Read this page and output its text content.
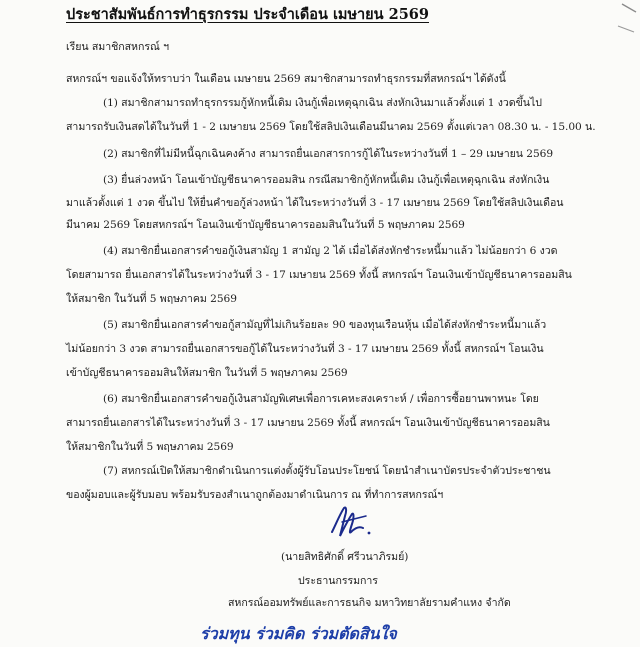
ประชาสัมพันธ์การทำธุรกรรม ประจำเดือน เมษายน 2569
เรียน สมาชิกสหกรณ์ ฯ
สหกรณ์ฯ ขอแจ้งให้ทราบว่า ในเดือน เมษายน 2569 สมาชิกสามารถทำธุรกรรมที่สหกรณ์ฯ ได้ดังนี้
(1) สมาชิกสามารถทำธุรกรรมกู้หักหนี้เดิม เงินกู้เพื่อเหตุฉุกเฉิน ส่งหักเงินมาแล้วตั้งแต่ 1 งวดขึ้นไป
สามารถรับเงินสดได้ในวันที่ 1 - 2 เมษายน 2569 โดยใช้สลิปเงินเดือนมีนาคม 2569 ตั้งแต่เวลา 08.30 น. - 15.00 น.
(2) สมาชิกที่ไม่มีหนี้ฉุกเฉินคงค้าง สามารถยื่นเอกสารการกู้ได้ในระหว่างวันที่ 1 – 29 เมษายน 2569
(3) ยื่นล่วงหน้า โอนเข้าบัญชีธนาคารออมสิน กรณีสมาชิกกู้หักหนี้เดิม เงินกู้เพื่อเหตุฉุกเฉิน ส่งหักเงิน
มาแล้วตั้งแต่ 1 งวด ขึ้นไป ให้ยื่นคำขอกู้ล่วงหน้า ได้ในระหว่างวันที่ 3 - 17 เมษายน 2569 โดยใช้สลิปเงินเดือน
มีนาคม 2569 โดยสหกรณ์ฯ โอนเงินเข้าบัญชีธนาคารออมสินในวันที่ 5 พฤษภาคม 2569
(4) สมาชิกยื่นเอกสารคำขอกู้เงินสามัญ 1 สามัญ 2 ได้ เมื่อได้ส่งหักชำระหนี้มาแล้ว ไม่น้อยกว่า 6 งวด
โดยสามารถ ยื่นเอกสารได้ในระหว่างวันที่ 3 - 17 เมษายน 2569 ทั้งนี้ สหกรณ์ฯ โอนเงินเข้าบัญชีธนาคารออมสิน
ให้สมาชิก ในวันที่ 5 พฤษภาคม 2569
(5) สมาชิกยื่นเอกสารคำขอกู้สามัญที่ไม่เกินร้อยละ 90 ของทุนเรือนหุ้น เมื่อได้ส่งหักชำระหนี้มาแล้ว
ไม่น้อยกว่า 3 งวด สามารถยื่นเอกสารขอกู้ได้ในระหว่างวันที่ 3 - 17 เมษายน 2569 ทั้งนี้ สหกรณ์ฯ โอนเงิน
เข้าบัญชีธนาคารออมสินให้สมาชิก ในวันที่ 5 พฤษภาคม 2569
(6) สมาชิกยื่นเอกสารคำขอกู้เงินสามัญพิเศษเพื่อการเคหะสงเคราะห์ / เพื่อการซื้อยานพาหนะ โดย
สามารถยื่นเอกสารได้ในระหว่างวันที่ 3 - 17 เมษายน 2569 ทั้งนี้ สหกรณ์ฯ โอนเงินเข้าบัญชีธนาคารออมสิน
ให้สมาชิกในวันที่ 5 พฤษภาคม 2569
(7) สหกรณ์เปิดให้สมาชิกดำเนินการแต่งตั้งผู้รับโอนประโยชน์ โดยนำสำเนาบัตรประจำตัวประชาชน
ของผู้มอบและผู้รับมอบ พร้อมรับรองสำเนาถูกต้องมาดำเนินการ ณ ที่ทำการสหกรณ์ฯ
(นายสิทธิศักดิ์ ศรีวนาภิรมย์)
ประธานกรรมการ
สหกรณ์ออมทรัพย์และการธนกิจ มหาวิทยาลัยรามคำแหง จำกัด
ร่วมทุน ร่วมคิด ร่วมตัดสินใจ
